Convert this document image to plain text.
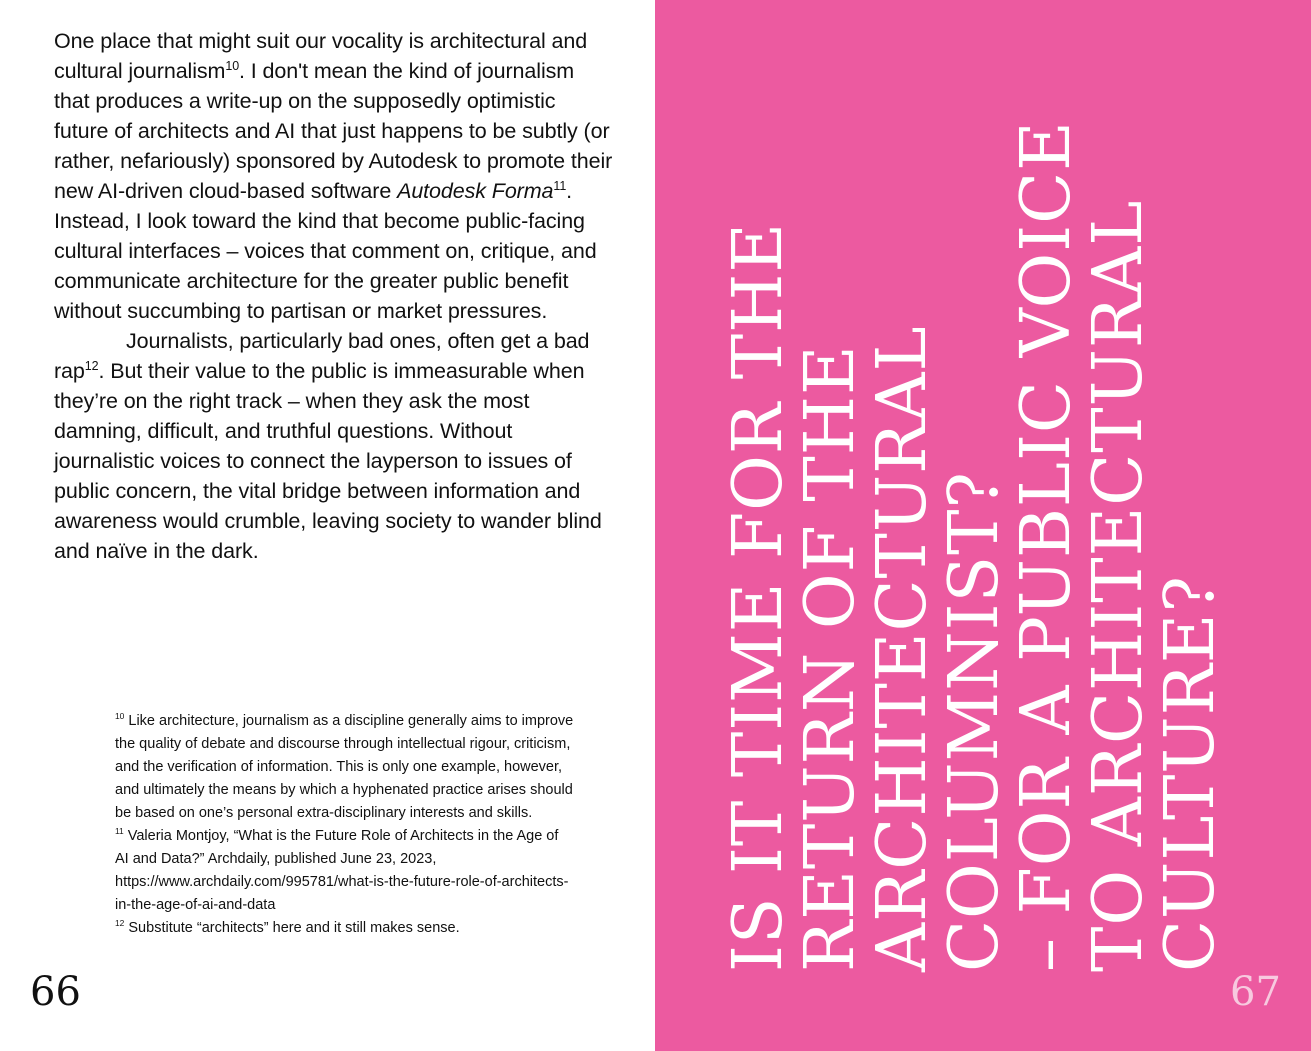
One place that might suit our vocality is architectural and cultural journalism$^{10}$. I don't mean the kind of journalism that produces a write-up on the supposedly optimistic future of architects and AI that just happens to be subtly (or rather, nefariously) sponsored by Autodesk to promote their new AI-driven cloud-based software Autodesk Forma$^{11}$. Instead, I look toward the kind that become public-facing cultural interfaces – voices that comment on, critique, and communicate architecture for the greater public benefit without succumbing to partisan or market pressures.

Journalists, particularly bad ones, often get a bad rap$^{12}$. But their value to the public is immeasurable when they’re on the right track – when they ask the most damning, difficult, and truthful questions. Without journalistic voices to connect the layperson to issues of public concern, the vital bridge between information and awareness would crumble, leaving society to wander blind and naïve in the dark.

$^{10}$ Like architecture, journalism as a discipline generally aims to improve the quality of debate and discourse through intellectual rigour, criticism, and the verification of information. This is only one example, however, and ultimately the means by which a hyphenated practice arises should be based on one’s personal extra-disciplinary interests and skills.

$^{11}$ Valeria Montjoy, “What is the Future Role of Architects in the Age of AI and Data?” Archdaily, published June 23, 2023, https://www.archdaily.com/995781/what-is-the-future-role-of-architects-in-the-age-of-ai-and-data

$^{12}$ Substitute “architects” here and it still makes sense.

66
IS IT TIME FOR THE
RETURN OF THE
ARCHITECTURAL
COLUMNIST?
– FOR A PUBLIC VOICE
TO ARCHITECTURAL
CULTURE?
67
